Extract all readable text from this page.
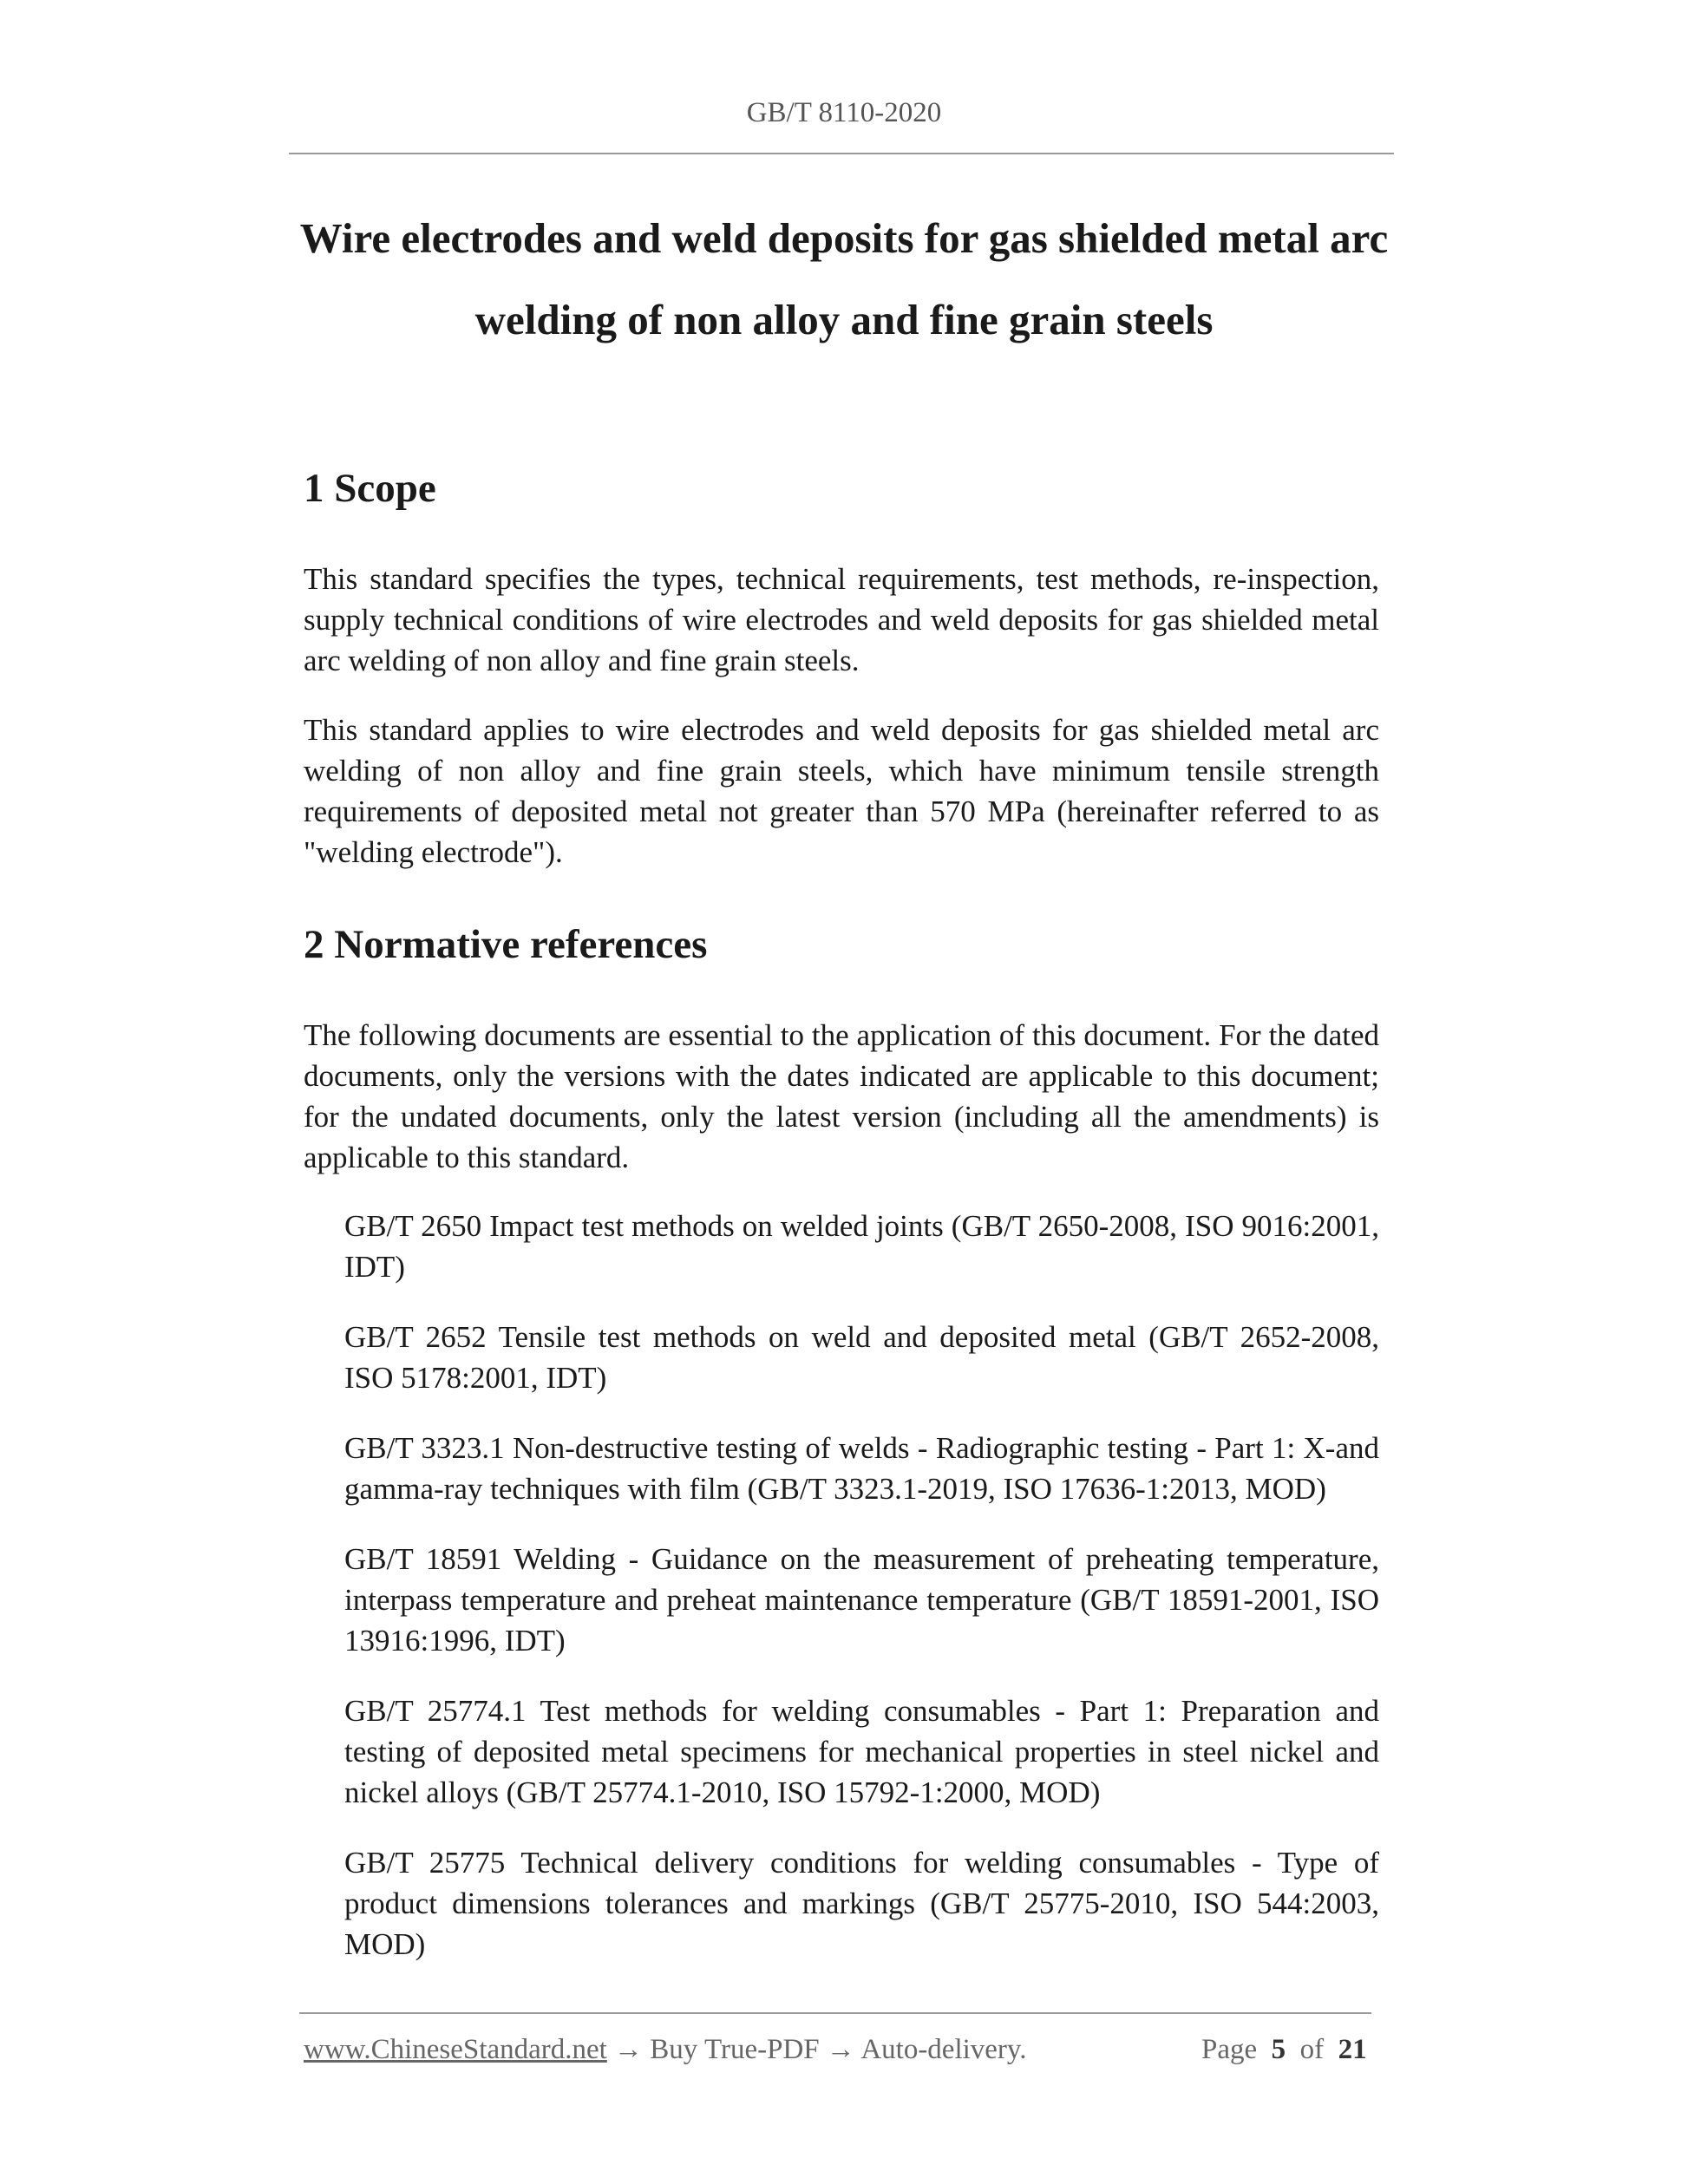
GB/T 8110-2020
Wire electrodes and weld deposits for gas shielded metal arc
welding of non alloy and fine grain steels
1 Scope

This standard specifies the types, technical requirements, test methods, re-inspection, supply technical conditions of wire electrodes and weld deposits for gas shielded metal arc welding of non alloy and fine grain steels.

This standard applies to wire electrodes and weld deposits for gas shielded metal arc welding of non alloy and fine grain steels, which have minimum tensile strength requirements of deposited metal not greater than 570 MPa (hereinafter referred to as "welding electrode").

2 Normative references

The following documents are essential to the application of this document. For the dated documents, only the versions with the dates indicated are applicable to this document; for the undated documents, only the latest version (including all the amendments) is applicable to this standard.

GB/T 2650 Impact test methods on welded joints (GB/T 2650-2008, ISO 9016:2001, IDT)

GB/T 2652 Tensile test methods on weld and deposited metal (GB/T 2652-2008, ISO 5178:2001, IDT)

GB/T 3323.1 Non-destructive testing of welds - Radiographic testing - Part 1: X-and gamma-ray techniques with film (GB/T 3323.1-2019, ISO 17636-1:2013, MOD)

GB/T 18591 Welding - Guidance on the measurement of preheating temperature, interpass temperature and preheat maintenance temperature (GB/T 18591-2001, ISO 13916:1996, IDT)

GB/T 25774.1 Test methods for welding consumables - Part 1: Preparation and testing of deposited metal specimens for mechanical properties in steel nickel and nickel alloys (GB/T 25774.1-2010, ISO 15792-1:2000, MOD)

GB/T 25775 Technical delivery conditions for welding consumables - Type of product dimensions tolerances and markings (GB/T 25775-2010, ISO 544:2003, MOD)

www.ChineseStandard.net → Buy True-PDF → Auto-delivery.	Page 5 of 21
